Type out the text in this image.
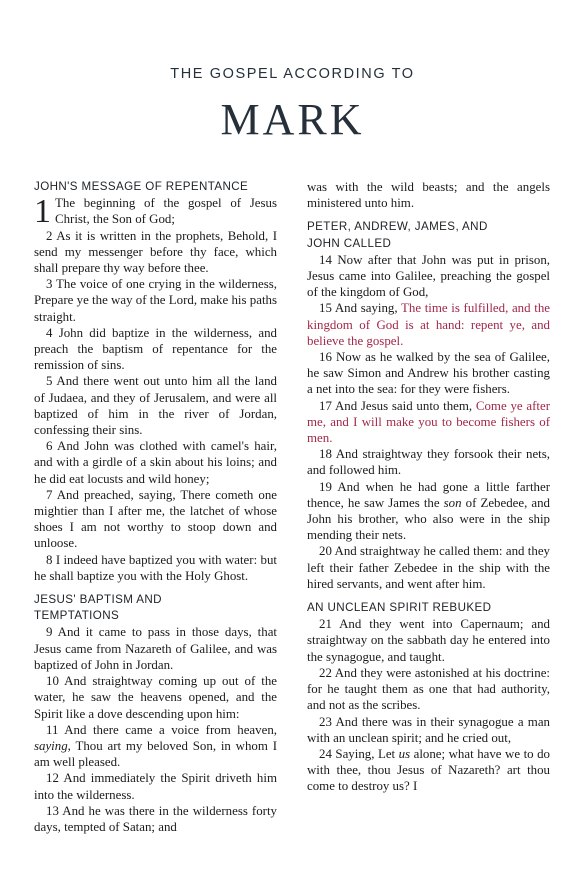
THE GOSPEL ACCORDING TO
MARK
JOHN'S MESSAGE OF REPENTANCE
1 The beginning of the gospel of Jesus Christ, the Son of God;
2 As it is written in the prophets, Behold, I send my messenger before thy face, which shall prepare thy way before thee.
3 The voice of one crying in the wilderness, Prepare ye the way of the Lord, make his paths straight.
4 John did baptize in the wilderness, and preach the baptism of repentance for the remission of sins.
5 And there went out unto him all the land of Judaea, and they of Jerusalem, and were all baptized of him in the river of Jordan, confessing their sins.
6 And John was clothed with camel's hair, and with a girdle of a skin about his loins; and he did eat locusts and wild honey;
7 And preached, saying, There cometh one mightier than I after me, the latchet of whose shoes I am not worthy to stoop down and unloose.
8 I indeed have baptized you with water: but he shall baptize you with the Holy Ghost.
JESUS' BAPTISM AND
TEMPTATIONS
9 And it came to pass in those days, that Jesus came from Nazareth of Galilee, and was baptized of John in Jordan.
10 And straightway coming up out of the water, he saw the heavens opened, and the Spirit like a dove descending upon him:
11 And there came a voice from heaven, saying, Thou art my beloved Son, in whom I am well pleased.
12 And immediately the Spirit driveth him into the wilderness.
13 And he was there in the wilderness forty days, tempted of Satan; and
was with the wild beasts; and the angels ministered unto him.
PETER, ANDREW, JAMES, AND
JOHN CALLED
14 Now after that John was put in prison, Jesus came into Galilee, preaching the gospel of the kingdom of God,
15 And saying, The time is fulfilled, and the kingdom of God is at hand: repent ye, and believe the gospel.
16 Now as he walked by the sea of Galilee, he saw Simon and Andrew his brother casting a net into the sea: for they were fishers.
17 And Jesus said unto them, Come ye after me, and I will make you to become fishers of men.
18 And straightway they forsook their nets, and followed him.
19 And when he had gone a little farther thence, he saw James the son of Zebedee, and John his brother, who also were in the ship mending their nets.
20 And straightway he called them: and they left their father Zebedee in the ship with the hired servants, and went after him.
AN UNCLEAN SPIRIT REBUKED
21 And they went into Capernaum; and straightway on the sabbath day he entered into the synagogue, and taught.
22 And they were astonished at his doctrine: for he taught them as one that had authority, and not as the scribes.
23 And there was in their synagogue a man with an unclean spirit; and he cried out,
24 Saying, Let us alone; what have we to do with thee, thou Jesus of Nazareth? art thou come to destroy us? I
